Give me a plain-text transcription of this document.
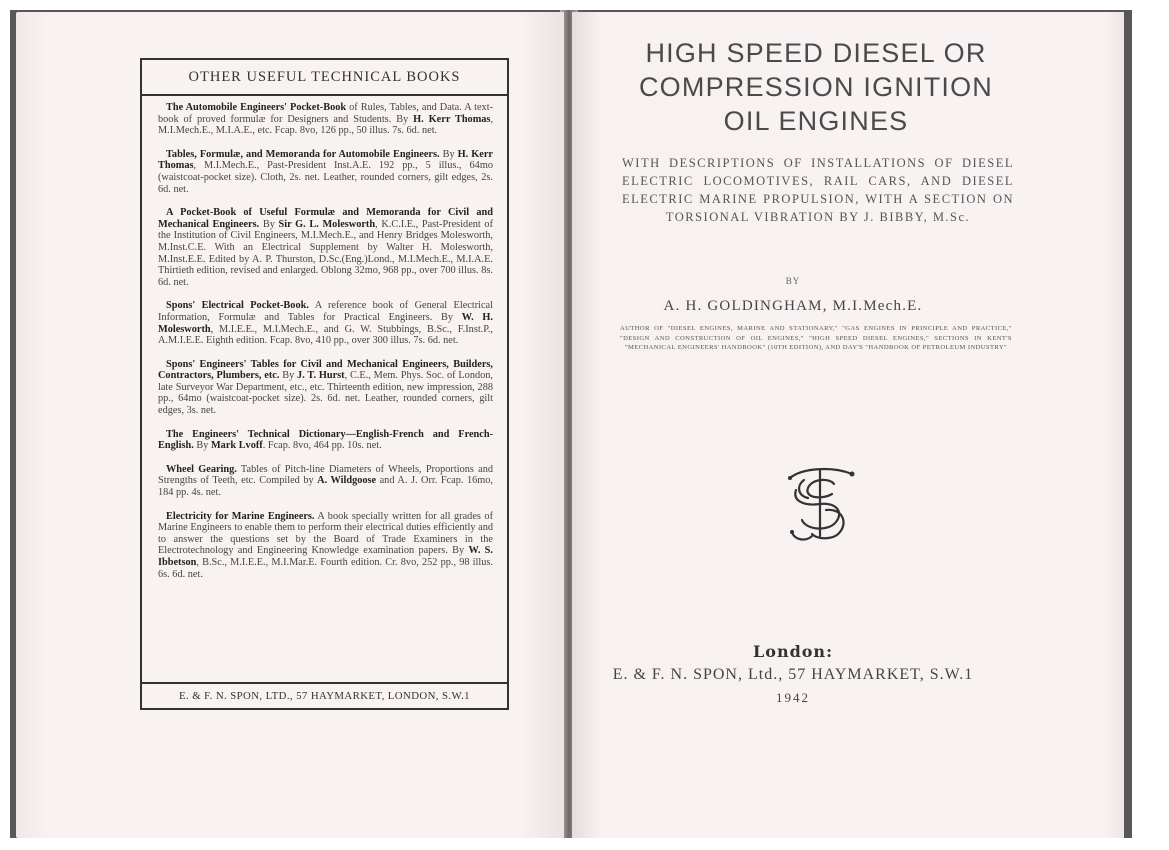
OTHER USEFUL TECHNICAL BOOKS
The Automobile Engineers' Pocket-Book of Rules, Tables, and Data. A text-book of proved formulæ for Designers and Students. By H. Kerr Thomas, M.I.Mech.E., M.I.A.E., etc. Fcap. 8vo, 126 pp., 50 illus. 7s. 6d. net.
Tables, Formulæ, and Memoranda for Automobile Engineers. By H. Kerr Thomas, M.I.Mech.E., Past-President Inst.A.E. 192 pp., 5 illus., 64mo (waistcoat-pocket size). Cloth, 2s. net. Leather, rounded corners, gilt edges, 2s. 6d. net.
A Pocket-Book of Useful Formulæ and Memoranda for Civil and Mechanical Engineers. By Sir G. L. Molesworth, K.C.I.E., Past-President of the Institution of Civil Engineers, M.I.Mech.E., and Henry Bridges Molesworth, M.Inst.C.E. With an Electrical Supplement by Walter H. Molesworth, M.Inst.E.E. Edited by A. P. Thurston, D.Sc.(Eng.)Lond., M.I.Mech.E., M.I.A.E. Thirtieth edition, revised and enlarged. Oblong 32mo, 968 pp., over 700 illus. 8s. 6d. net.
Spons' Electrical Pocket-Book. A reference book of General Electrical Information, Formulæ and Tables for Practical Engineers. By W. H. Molesworth, M.I.E.E., M.I.Mech.E., and G. W. Stubbings, B.Sc., F.Inst.P., A.M.I.E.E. Eighth edition. Fcap. 8vo, 410 pp., over 300 illus. 7s. 6d. net.
Spons' Engineers' Tables for Civil and Mechanical Engineers, Builders, Contractors, Plumbers, etc. By J. T. Hurst, C.E., Mem. Phys. Soc. of London, late Surveyor War Department, etc., etc. Thirteenth edition, new impression, 288 pp., 64mo (waistcoat-pocket size). 2s. 6d. net. Leather, rounded corners, gilt edges, 3s. net.
The Engineers' Technical Dictionary—English-French and French-English. By Mark Lvoff. Fcap. 8vo, 464 pp. 10s. net.
Wheel Gearing. Tables of Pitch-line Diameters of Wheels, Proportions and Strengths of Teeth, etc. Compiled by A. Wildgoose and A. J. Orr. Fcap. 16mo, 184 pp. 4s. net.
Electricity for Marine Engineers. A book specially written for all grades of Marine Engineers to enable them to perform their electrical duties efficiently and to answer the questions set by the Board of Trade Examiners in the Electrotechnology and Engineering Knowledge examination papers. By W. S. Ibbetson, B.Sc., M.I.E.E., M.I.Mar.E. Fourth edition. Cr. 8vo, 252 pp., 98 illus. 6s. 6d. net.
E. & F. N. SPON, LTD., 57 HAYMARKET, LONDON, S.W.1
HIGH SPEED DIESEL OR COMPRESSION IGNITION OIL ENGINES
WITH DESCRIPTIONS OF INSTALLATIONS OF DIESEL ELECTRIC LOCOMOTIVES, RAIL CARS, AND DIESEL ELECTRIC MARINE PROPULSION, WITH A SECTION ON TORSIONAL VIBRATION BY J. BIBBY, M.Sc.
BY
A. H. GOLDINGHAM, M.I.Mech.E.
AUTHOR OF "DIESEL ENGINES, MARINE AND STATIONARY," "GAS ENGINES IN PRINCIPLE AND PRACTICE," "DESIGN AND CONSTRUCTION OF OIL ENGINES," "HIGH SPEED DIESEL ENGINES," SECTIONS IN KENT'S "MECHANICAL ENGINEERS' HANDBOOK" (10TH EDITION), AND DAY'S "HANDBOOK OF PETROLEUM INDUSTRY"
London:
E. & F. N. SPON, Ltd., 57 HAYMARKET, S.W.1
1942
